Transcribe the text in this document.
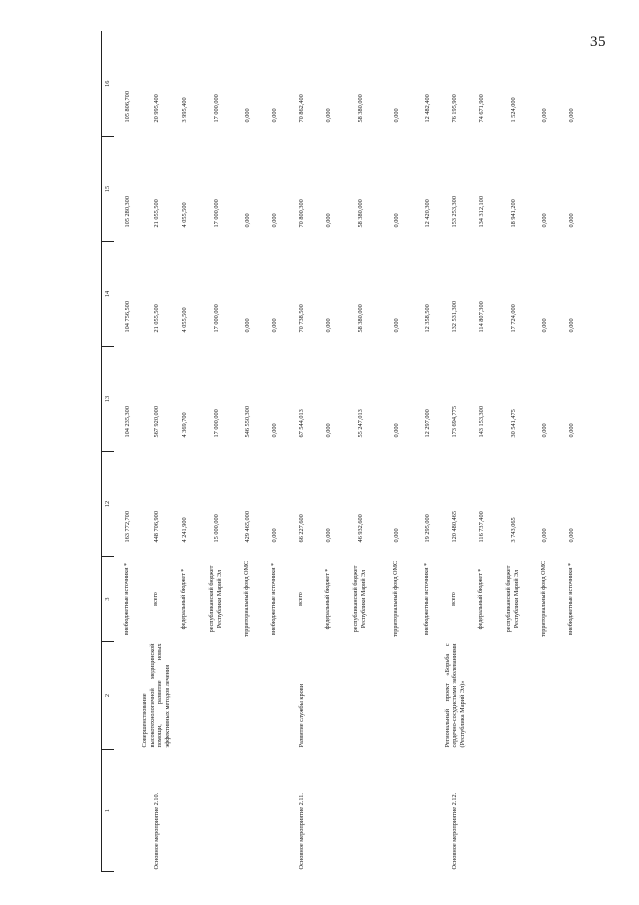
35
1	2	3	12	13	14	15	16
		внебюджетные источники *	163 772,700	104 235,300	104 756,500	105 280,300	105 806,700
Основное мероприятие 2.10.	Совершенствование высокотехнологичной медицинской помощи, развитие новых эффективных методов лечения	всего	448 706,900	567 920,000	21 055,500	21 055,500	20 995,400
		федеральный бюджет *	4 241,900	4 369,700	4 055,500	4 055,500	3 995,400
		республиканский бюджет Республики Марий Эл	15 000,000	17 000,000	17 000,000	17 000,000	17 000,000
		территориальный фонд ОМС	429 465,000	546 550,300	0,000	0,000	0,000
		внебюджетные источники *	0,000	0,000	0,000	0,000	0,000
Основное мероприятие 2.11.	Развитие службы крови	всего	66 227,600	67 544,013	70 738,500	70 800,300	70 862,400
		федеральный бюджет *	0,000	0,000	0,000	0,000	0,000
		республиканский бюджет Республики Марий Эл	46 932,600	55 247,013	58 380,000	58 380,000	58 380,000
		территориальный фонд ОМС	0,000	0,000	0,000	0,000	0,000
		внебюджетные источники *	19 295,000	12 297,000	12 358,500	12 420,300	12 482,400
Основное мероприятие 2.12.	Региональный проект «Борьба с сердечно-сосудистыми заболеваниями (Республика Марий Эл)»	всего	120 480,465	173 694,775	132 531,300	153 253,300	76 195,900
		федеральный бюджет *	116 737,400	143 153,300	114 807,300	134 312,100	74 671,900
		республиканский бюджет Республики Марий Эл	3 743,065	30 541,475	17 724,000	18 941,200	1 524,000
		территориальный фонд ОМС	0,000	0,000	0,000	0,000	0,000
		внебюджетные источники *	0,000	0,000	0,000	0,000	0,000
